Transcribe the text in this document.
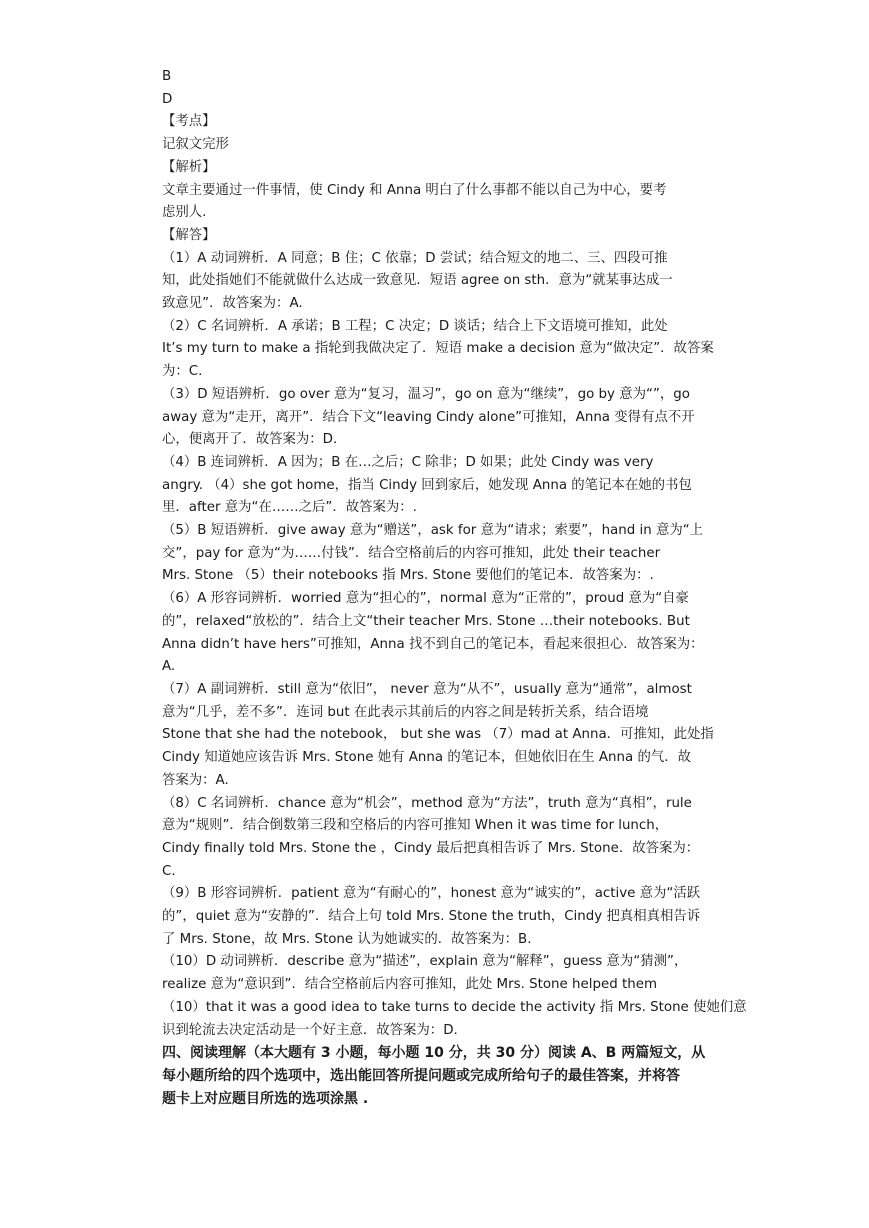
B
D
【考点】
记叙文完形
【解析】
文章主要通过一件事情，使 Cindy 和 Anna 明白了什么事都不能以自己为中心，要考
虑别人.
【解答】
（1）A 动词辨析．A 同意；B 住；C 依靠；D 尝试；结合短文的地二、三、四段可推
知，此处指她们不能就做什么达成一致意见．短语 agree on sth．意为“就某事达成一
致意见”．故答案为：A.
（2）C 名词辨析．A 承诺；B 工程；C 决定；D 谈话；结合上下文语境可推知，此处
It’s my turn to make a 指轮到我做决定了．短语 make a decision 意为“做决定”．故答案
为：C.
（3）D 短语辨析．go over 意为“复习，温习”，go on 意为“继续”，go by 意为“”，go
away 意为“走开，离开”．结合下文“leaving Cindy alone”可推知，Anna 变得有点不开
心，便离开了．故答案为：D.
（4）B 连词辨析．A 因为；B 在…之后；C 除非；D 如果；此处 Cindy was very
angry. （4）she got home，指当 Cindy 回到家后，她发现 Anna 的笔记本在她的书包
里．after 意为“在……之后”．故答案为：.
（5）B 短语辨析．give away 意为“赠送”，ask for 意为“请求；索要”，hand in 意为“上
交”，pay for 意为“为……付钱”．结合空格前后的内容可推知，此处 their teacher
Mrs. Stone （5）their notebooks 指 Mrs. Stone 要他们的笔记本．故答案为：.
（6）A 形容词辨析．worried 意为“担心的”，normal 意为“正常的”，proud 意为“自豪
的”，relaxed“放松的”．结合上文“their teacher Mrs. Stone …their notebooks. But
Anna didn’t have hers”可推知，Anna 找不到自己的笔记本，看起来很担心．故答案为：
A.
（7）A 副词辨析．still 意为“依旧”， never 意为“从不”，usually 意为“通常”，almost
意为“几乎，差不多”．连词 but 在此表示其前后的内容之间是转折关系，结合语境
Stone that she had the notebook， but she was （7）mad at Anna．可推知，此处指
Cindy 知道她应该告诉 Mrs. Stone 她有 Anna 的笔记本，但她依旧在生 Anna 的气．故
答案为：A.
（8）C 名词辨析．chance 意为“机会”，method 意为“方法”，truth 意为“真相”，rule
意为“规则”．结合倒数第三段和空格后的内容可推知 When it was time for lunch，
Cindy finally told Mrs. Stone the ，Cindy 最后把真相告诉了 Mrs. Stone．故答案为：
C.
（9）B 形容词辨析．patient 意为“有耐心的”，honest 意为“诚实的”，active 意为“活跃
的”，quiet 意为“安静的”．结合上句 told Mrs. Stone the truth，Cindy 把真相真相告诉
了 Mrs. Stone，故 Mrs. Stone 认为她诚实的．故答案为：B.
（10）D 动词辨析．describe 意为“描述”，explain 意为“解释”，guess 意为“猜测”，
realize 意为“意识到”．结合空格前后内容可推知，此处 Mrs. Stone helped them
（10）that it was a good idea to take turns to decide the activity 指 Mrs. Stone 使她们意
识到轮流去决定活动是一个好主意．故答案为：D.
四、阅读理解（本大题有 3 小题，每小题 10 分，共 30 分）阅读 A、B 两篇短文，从
每小题所给的四个选项中，选出能回答所提问题或完成所给句子的最佳答案，并将答
题卡上对应题目所选的选项涂黑 .
